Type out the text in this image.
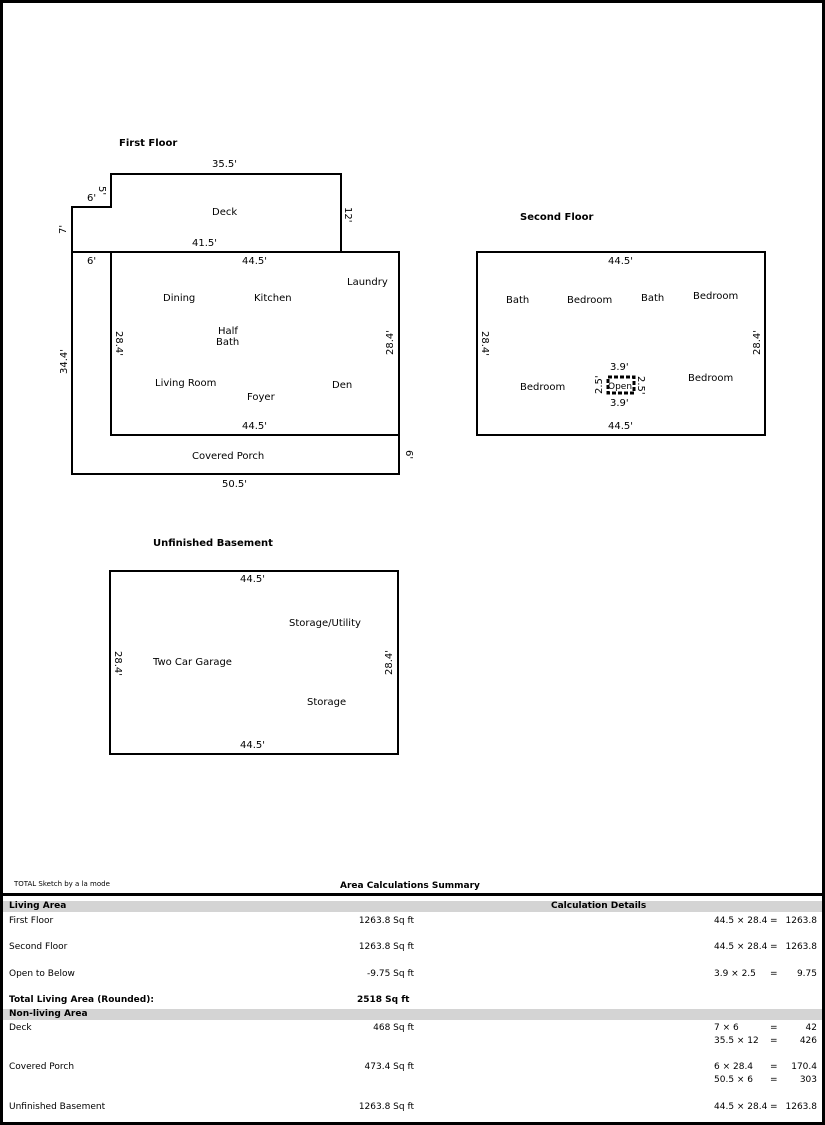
First Floor
Second Floor
Unfinished Basement
35.5'
6'
5'
7'
12'
Deck
41.5'
6'	44.5'
Laundry
Dining	Kitchen
28.4'	28.4'
Half
Bath
34.4'
Living Room	Den
Foyer
44.5'
Covered Porch	6'
50.5'
44.5'
Bath	Bedroom	Bath	Bedroom
28.4'	28.4'
3.9'
Open
2.5'	2.5'
3.9'
Bedroom
Bedroom
44.5'
44.5'
Storage/Utility
28.4'	28.4'
Two Car Garage
Storage
44.5'
TOTAL Sketch by a la mode	Area Calculations Summary
Living Area	Calculation Details
First Floor	1263.8 Sq ft	44.5 × 28.4 = 1263.8
Second Floor	1263.8 Sq ft	44.5 × 28.4 = 1263.8
Open to Below	-9.75 Sq ft	3.9 × 2.5 = 9.75
Total Living Area (Rounded):	2518 Sq ft
Non-living Area
Deck	468 Sq ft	7 × 6	=	42
35.5 × 12 = 426
Covered Porch	473.4 Sq ft	6 × 28.4 = 170.4
50.5 × 6 = 303
Unfinished Basement	1263.8 Sq ft	44.5 × 28.4 = 1263.8
